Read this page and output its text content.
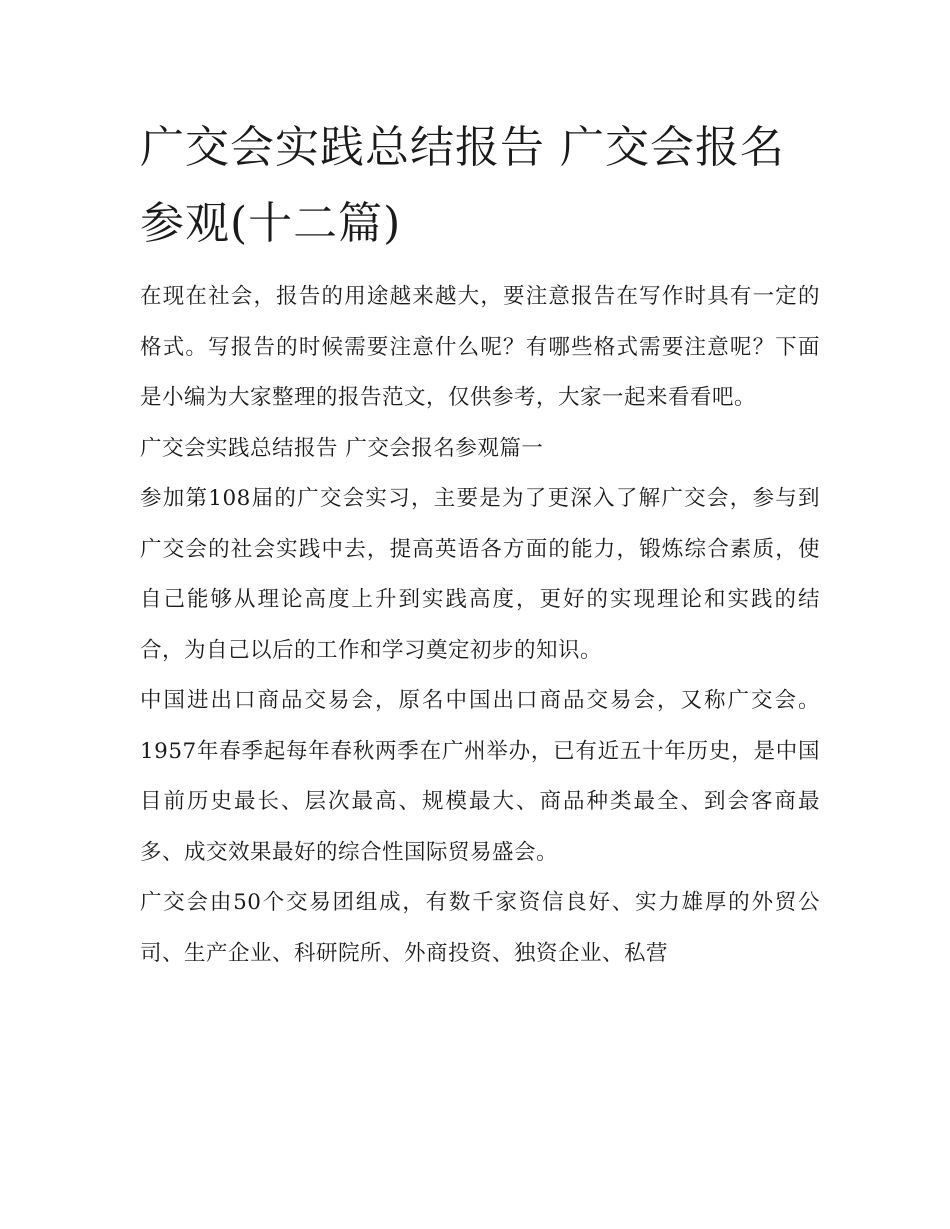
广交会实践总结报告 广交会报名参观(十二篇)

在现在社会，报告的用途越来越大，要注意报告在写作时具有一定的格式。写报告的时候需要注意什么呢？有哪些格式需要注意呢？下面是小编为大家整理的报告范文，仅供参考，大家一起来看看吧。

广交会实践总结报告 广交会报名参观篇一

参加第108届的广交会实习，主要是为了更深入了解广交会，参与到广交会的社会实践中去，提高英语各方面的能力，锻炼综合素质，使自己能够从理论高度上升到实践高度，更好的实现理论和实践的结合，为自己以后的工作和学习奠定初步的知识。

中国进出口商品交易会，原名中国出口商品交易会，又称广交会。1957年春季起每年春秋两季在广州举办，已有近五十年历史，是中国目前历史最长、层次最高、规模最大、商品种类最全、到会客商最多、成交效果最好的综合性国际贸易盛会。

广交会由50个交易团组成，有数千家资信良好、实力雄厚的外贸公司、生产企业、科研院所、外商投资、独资企业、私营
